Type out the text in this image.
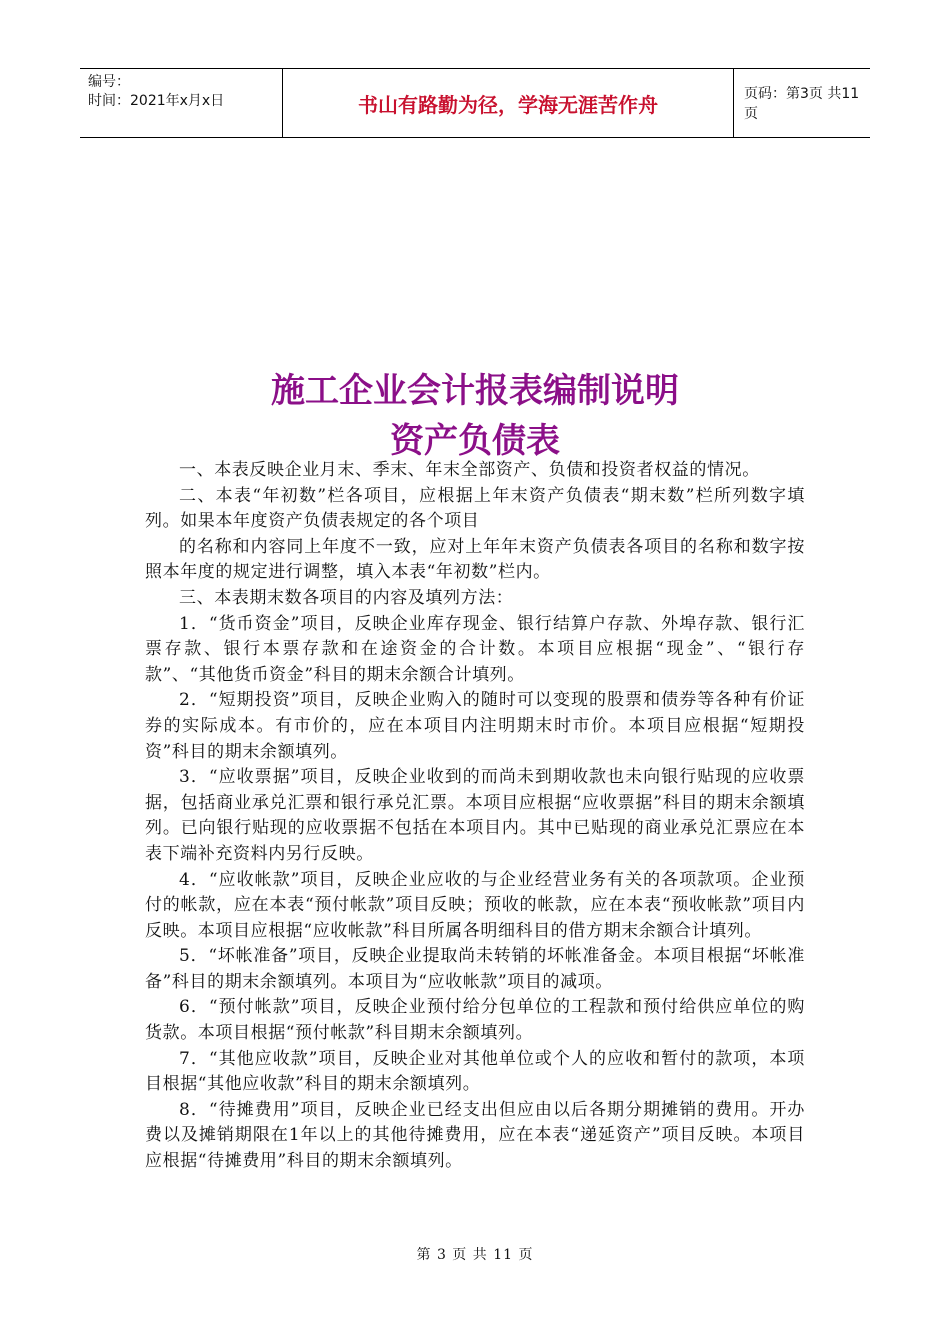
编号：
时间：2021年x月x日	书山有路勤为径，学海无涯苦作舟	页码：第3页 共11页
施工企业会计报表编制说明
资产负债表

一、本表反映企业月末、季末、年末全部资产、负债和投资者权益的情况。

二、本表“年初数”栏各项目，应根据上年末资产负债表“期末数”栏所列数字填列。如果本年度资产负债表规定的各个项目

的名称和内容同上年度不一致，应对上年年末资产负债表各项目的名称和数字按照本年度的规定进行调整，填入本表“年初数”栏内。

三、本表期末数各项目的内容及填列方法：

1．“货币资金”项目，反映企业库存现金、银行结算户存款、外埠存款、银行汇票存款、银行本票存款和在途资金的合计数。本项目应根据“现金”、“银行存款”、“其他货币资金”科目的期末余额合计填列。

2．“短期投资”项目，反映企业购入的随时可以变现的股票和债券等各种有价证券的实际成本。有市价的，应在本项目内注明期末时市价。本项目应根据“短期投资”科目的期末余额填列。

3．“应收票据”项目，反映企业收到的而尚未到期收款也未向银行贴现的应收票据，包括商业承兑汇票和银行承兑汇票。本项目应根据“应收票据”科目的期末余额填列。已向银行贴现的应收票据不包括在本项目内。其中已贴现的商业承兑汇票应在本表下端补充资料内另行反映。

4．“应收帐款”项目，反映企业应收的与企业经营业务有关的各项款项。企业预付的帐款，应在本表“预付帐款”项目反映；预收的帐款，应在本表“预收帐款”项目内反映。本项目应根据“应收帐款”科目所属各明细科目的借方期末余额合计填列。

5．“坏帐准备”项目，反映企业提取尚未转销的坏帐准备金。本项目根据“坏帐准备”科目的期末余额填列。本项目为“应收帐款”项目的减项。

6．“预付帐款”项目，反映企业预付给分包单位的工程款和预付给供应单位的购货款。本项目根据“预付帐款”科目期末余额填列。

7．“其他应收款”项目，反映企业对其他单位或个人的应收和暂付的款项，本项目根据“其他应收款”科目的期末余额填列。

8．“待摊费用”项目，反映企业已经支出但应由以后各期分期摊销的费用。开办费以及摊销期限在1年以上的其他待摊费用，应在本表“递延资产”项目反映。本项目应根据“待摊费用”科目的期末余额填列。

第 3 页 共 11 页
